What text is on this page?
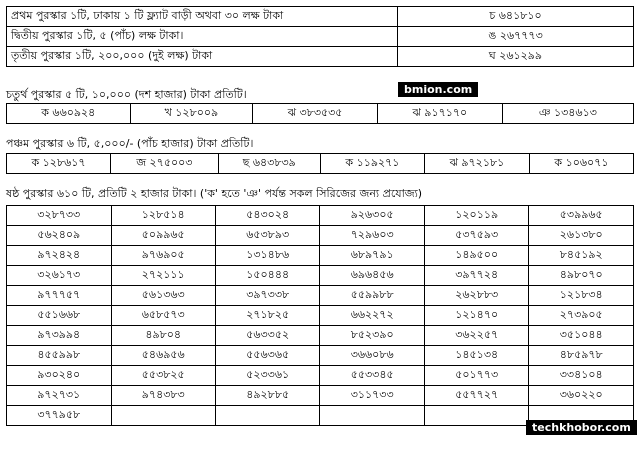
প্রথম পুরস্কার ১টি, ঢাকায় ১ টি ফ্ল্যাট বাড়ী অথবা ৩০ লক্ষ টাকা	চ ৬৪১৮১০
দ্বিতীয় পুরস্কার ১টি, ৫ (পাঁচ) লক্ষ টাকা।	ঙ ২৬৭৭৭৩
তৃতীয় পুরস্কার ১টি, ২০০,০০০ (দুই লক্ষ) টাকা	ঘ ২৬১২৯৯
চতুর্থ পুরস্কার ৫ টি, ১০,০০০ (দশ হাজার) টাকা প্রতিটি।	bmion.com
ক ৬৬০৯২৪	খ ১২৮০০৯	ঝ ৩৮৩৫৩৫	ঝ ৯১৭১৭০	ঞ ১৩৪৬১৩
পঞ্চম পুরস্কার ৬ টি, ৫,০০০/- (পাঁচ হাজার) টাকা প্রতিটি।
ক ১২৮৬১৭	জ ২৭৫০০৩	ছ ৬৪৩৮৩৯	ক ১১৯২৭১	ঝ ৯৭২১৮১	ক ১০৬০৭১
ষষ্ঠ পুরস্কার ৬১০ টি, প্রতিটি ২ হাজার টাকা। ('ক' হতে 'ঞ' পর্যন্ত সকল সিরিজের জন্য প্রযোজ্য)
৩২৮৭৩৩	১২৮৫১৪	৫৪৩০২৪	৯২৬৩০৫	১২০১১৯	৫৩৯৯৬৫
৫৬২৪০৯	৫০৯৯৬৫	৬৫৩৮৯৩	৭২৯৬০৩	৫৩৭৫৯৩	২৬১৩৮০
৯৭২৪২৪	৯৭৬৯০৫	১৩১৪৮৬	৬৮৯৭৯১	১৪৯৫০০	৮৪৫১৯২
৩২৬১৭৩	২৭২১১১	১৫০৪৪৪	৬৯৬৪৫৬	৩৯৭৭২৪	৪৯৮০৭০
৯৭৭৭৫৭	৫৬১৩৬৩	৩৯৭৩৩৮	৫৫৯৯৮৮	২৬২৮৮৩	১২১৮৩৪
৫৫১৬৬৮	৬৫৮৫৭৩	২৭১৮২৫	৬৬২২৭২	১২১৪৭০	২৭৩৯০৫
৯৭৩৯৯৪	৪৯৮০৪	৫৬৩৩৫২	৮৫২৩৯০	৩৬২২৫৭	৩৫১০৪৪
৪৫৫৯৯৮	৫৪৬৯৫৬	৫৫৬৩৬৫	৩৬৬০৮৬	১৪৫১৩৪	৪৮৫৯৭৮
৯৩০২৪০	৫৫৩৮২৫	৫২৩৩৬১	৫৫৩৩৪৫	৫০১৭৭৩	৩৩৪১০৪
৯৭২৭৩১	৯৭৪৩৮৩	৪৯২৮৮৫	৩১১৭৩৩	৫৫৭৭২৭	৩৬০২২০
৩৭৭৯৫৮					
techkhobor.com
